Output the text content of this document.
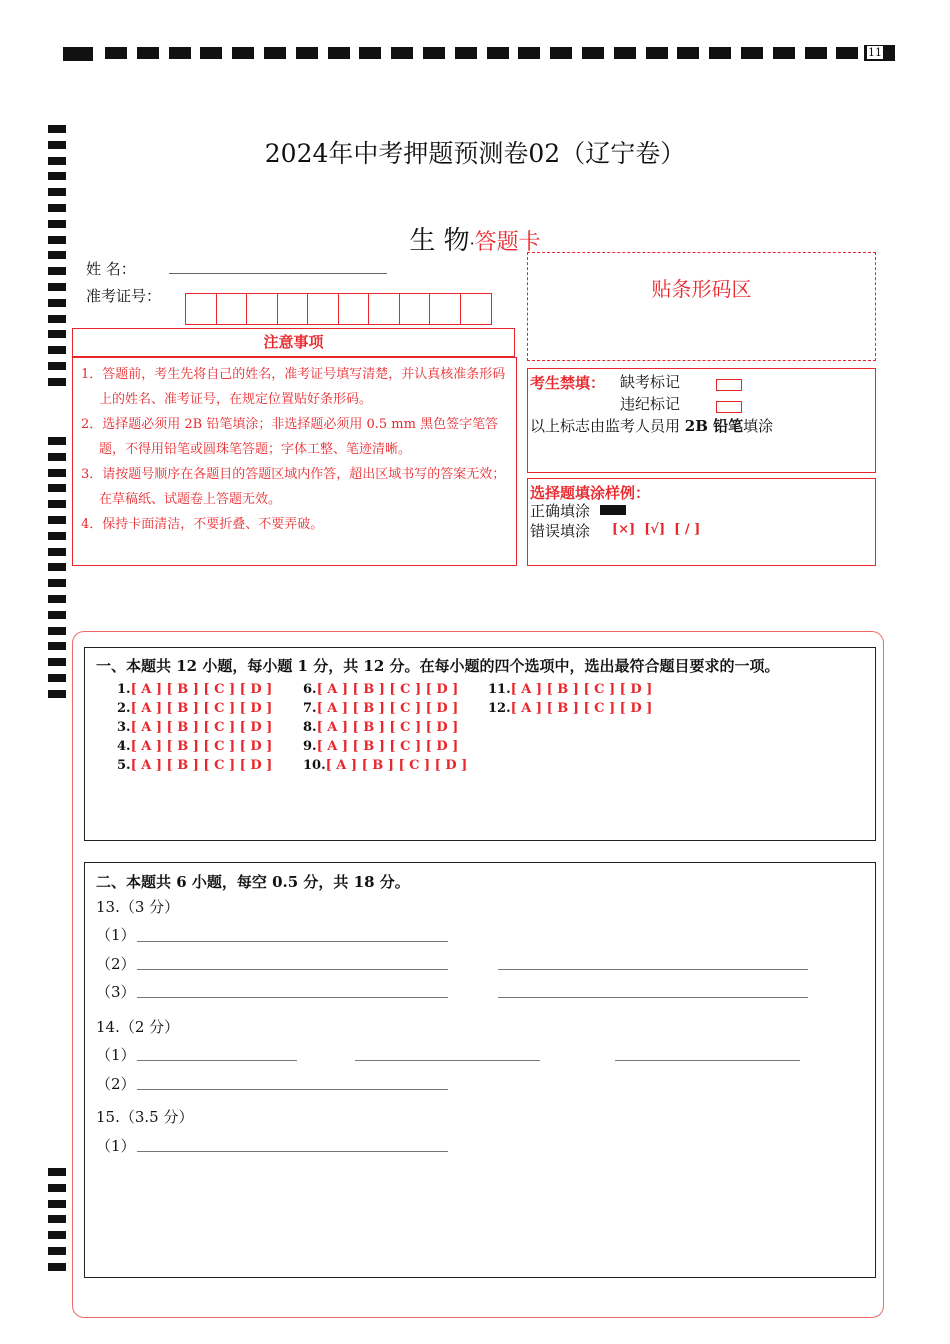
11
2024年中考押题预测卷02（辽宁卷）
生 物·答题卡
姓 名：
准考证号：
注意事项
1．答题前，考生先将自己的姓名，准考证号填写清楚，并认真核准条形码上的姓名、准考证号，在规定位置贴好条形码。
2．选择题必须用 2B 铅笔填涂；非选择题必须用 0.5 mm 黑色签字笔答题，不得用铅笔或圆珠笔答题；字体工整、笔迹清晰。
3．请按题号顺序在各题目的答题区域内作答，超出区域书写的答案无效；在草稿纸、试题卷上答题无效。
4．保持卡面清洁，不要折叠、不要弄破。
贴条形码区
考生禁填： 缺考标记
违纪标记
以上标志由监考人员用 2B 铅笔填涂
选择题填涂样例：
正确填涂
错误填涂 [×]  [√]  [ / ]
一、本题共 12 小题，每小题 1 分，共 12 分。在每小题的四个选项中，选出最符合题目要求的一项。
1.[ A ] [ B ] [ C ] [ D ]
2.[ A ] [ B ] [ C ] [ D ]
3.[ A ] [ B ] [ C ] [ D ]
4.[ A ] [ B ] [ C ] [ D ]
5.[ A ] [ B ] [ C ] [ D ]
6.[ A ] [ B ] [ C ] [ D ]
7.[ A ] [ B ] [ C ] [ D ]
8.[ A ] [ B ] [ C ] [ D ]
9.[ A ] [ B ] [ C ] [ D ]
10.[ A ] [ B ] [ C ] [ D ]
11.[ A ] [ B ] [ C ] [ D ]
12.[ A ] [ B ] [ C ] [ D ]
二、本题共 6 小题，每空 0.5 分，共 18 分。
13.（3 分）
（1）
（2）
（3）
14.（2 分）
（1）
（2）
15.（3.5 分）
（1）
